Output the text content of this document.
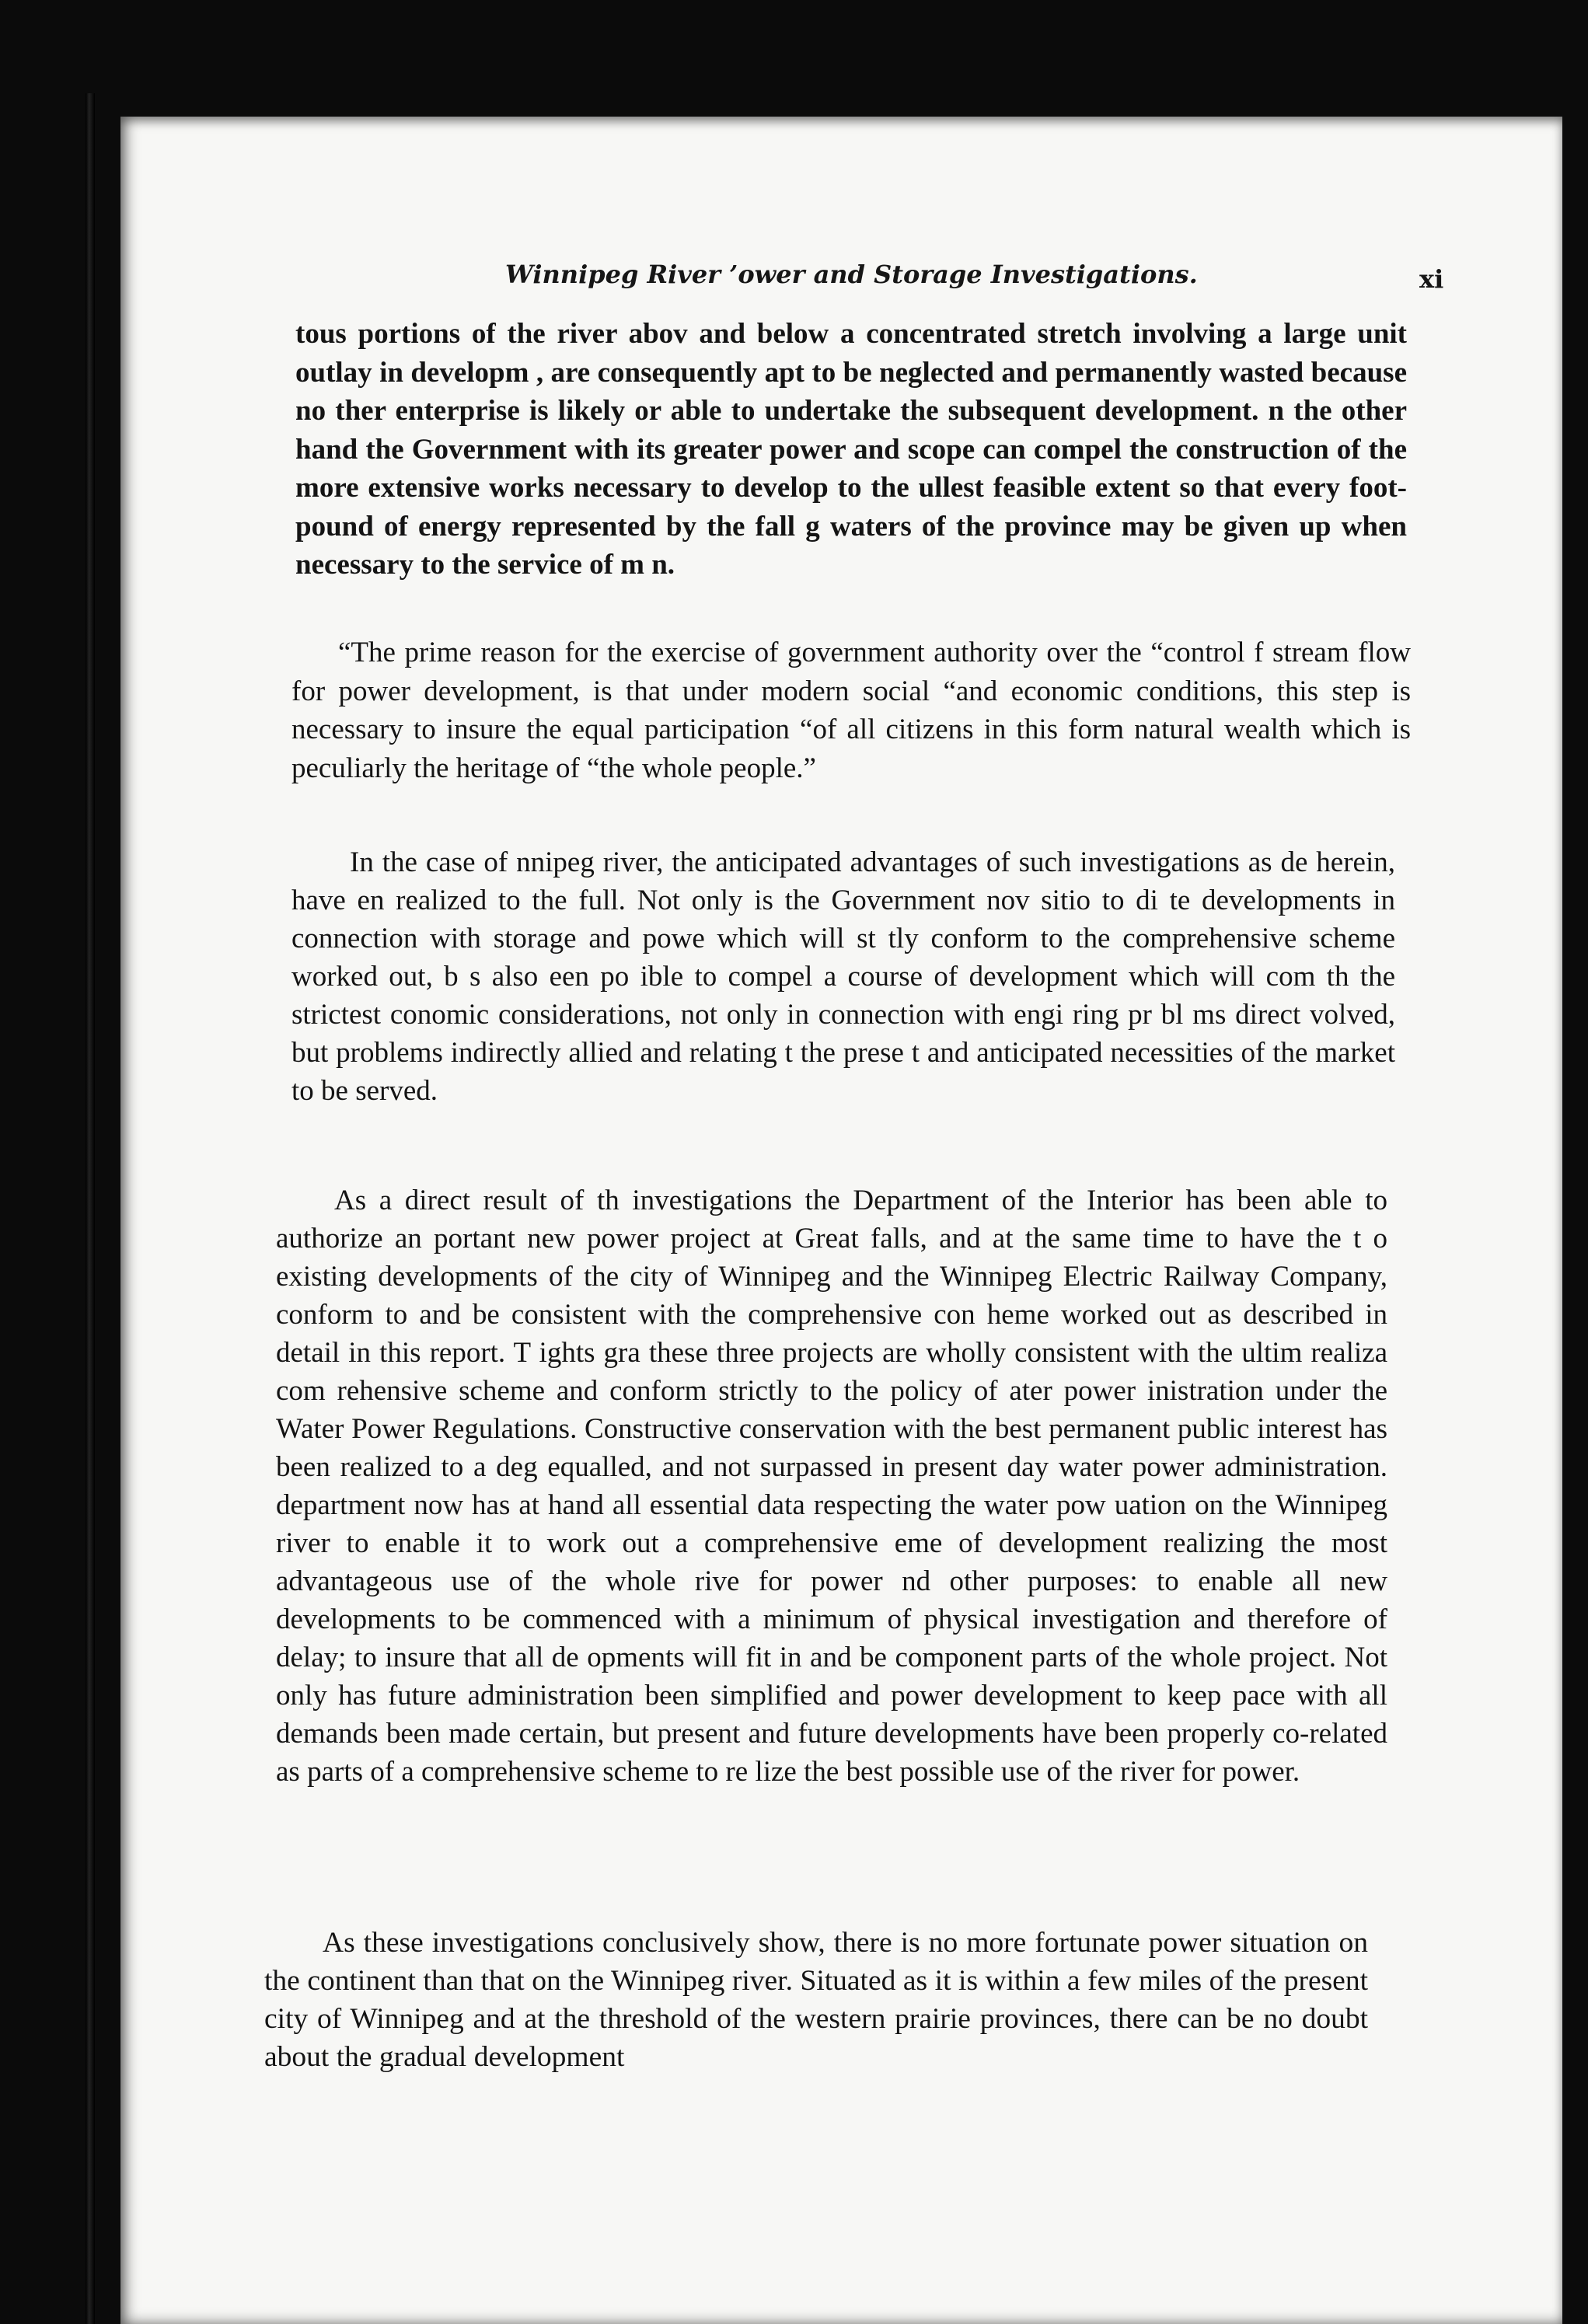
Winnipeg River ’ower and Storage Investigations.	xi
tous portions of the river abov and below a concentrated stretch involving a large unit outlay in developm , are consequently apt to be neglected and permanently wasted because no ther enterprise is likely or able to undertake the subsequent development. n the other hand the Government with its greater power and scope can compel the construction of the more extensive works necessary to develop to the ullest feasible extent so that every foot-pound of energy represented by the fall g waters of the province may be given up when necessary to the service of m n.
“The prime reason for the exercise of government authority over the “control f stream flow for power development, is that under modern social “and economic conditions, this step is necessary to insure the equal participation “of all citizens in this form natural wealth which is peculiarly the heritage of “the whole people.”
In the case of nnipeg river, the anticipated advantages of such investigations as de herein, have en realized to the full. Not only is the Government nov sitio to di te developments in connection with storage and powe which will st tly conform to the comprehensive scheme worked out, b s also een po ible to compel a course of development which will com th the strictest conomic considerations, not only in connection with engi ring pr bl ms direct volved, but problems indirectly allied and relating t the prese t and anticipated necessities of the market to be served.
As a direct result of th investigations the Department of the Interior has been able to authorize an portant new power project at Great falls, and at the same time to have the t o existing developments of the city of Winnipeg and the Winnipeg Electric Railway Company, conform to and be consistent with the comprehensive con heme worked out as described in detail in this report. T ights gra these three projects are wholly consistent with the ultim realiza com rehensive scheme and conform strictly to the policy of ater power inistration under the Water Power Regulations. Constructive conservation with the best permanent public interest has been realized to a deg equalled, and not surpassed in present day water power administration. department now has at hand all essential data respecting the water pow uation on the Winnipeg river to enable it to work out a comprehensive eme of development realizing the most advantageous use of the whole rive for power nd other purposes: to enable all new developments to be commenced with a minimum of physical investigation and therefore of delay; to insure that all de opments will fit in and be component parts of the whole project. Not only has future administration been simplified and power development to keep pace with all demands been made certain, but present and future developments have been properly co-related as parts of a comprehensive scheme to re lize the best possible use of the river for power.
As these investigations conclusively show, there is no more fortunate power situation on the continent than that on the Winnipeg river. Situated as it is within a few miles of the present city of Winnipeg and at the threshold of the western prairie provinces, there can be no doubt about the gradual development
